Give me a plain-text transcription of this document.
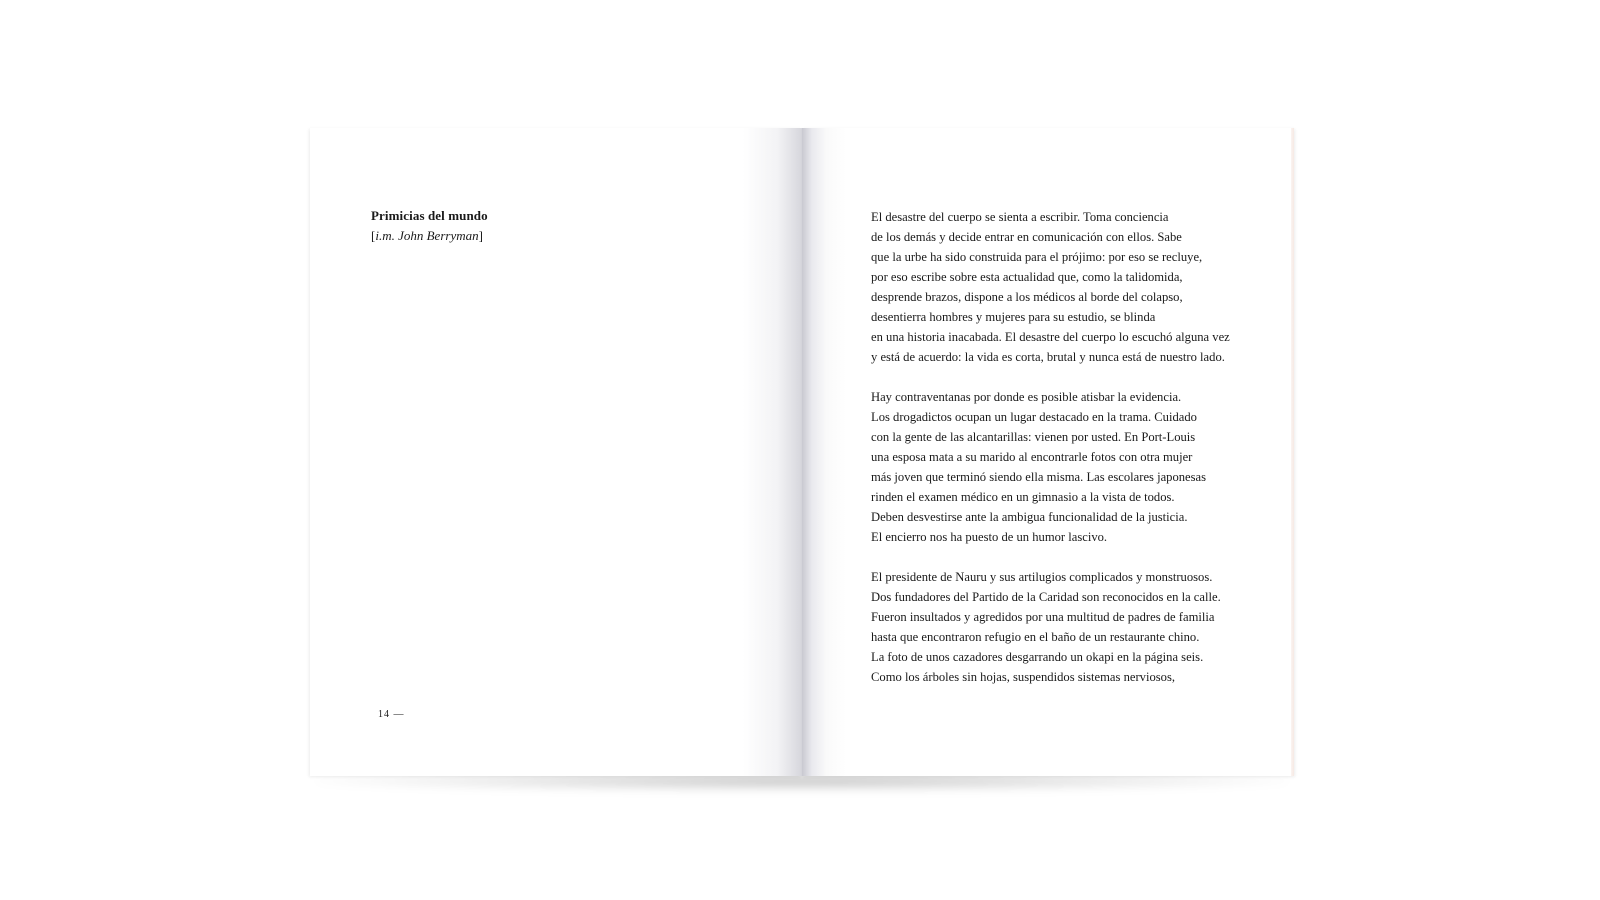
Primicias del mundo
[i.m. John Berryman]
14 —
El desastre del cuerpo se sienta a escribir. Toma conciencia
de los demás y decide entrar en comunicación con ellos. Sabe
que la urbe ha sido construida para el prójimo: por eso se recluye,
por eso escribe sobre esta actualidad que, como la talidomida,
desprende brazos, dispone a los médicos al borde del colapso,
desentierra hombres y mujeres para su estudio, se blinda
en una historia inacabada. El desastre del cuerpo lo escuchó alguna vez
y está de acuerdo: la vida es corta, brutal y nunca está de nuestro lado.
Hay contraventanas por donde es posible atisbar la evidencia.
Los drogadictos ocupan un lugar destacado en la trama. Cuidado
con la gente de las alcantarillas: vienen por usted. En Port-Louis
una esposa mata a su marido al encontrarle fotos con otra mujer
más joven que terminó siendo ella misma. Las escolares japonesas
rinden el examen médico en un gimnasio a la vista de todos.
Deben desvestirse ante la ambigua funcionalidad de la justicia.
El encierro nos ha puesto de un humor lascivo.
El presidente de Nauru y sus artilugios complicados y monstruosos.
Dos fundadores del Partido de la Caridad son reconocidos en la calle.
Fueron insultados y agredidos por una multitud de padres de familia
hasta que encontraron refugio en el baño de un restaurante chino.
La foto de unos cazadores desgarrando un okapi en la página seis.
Como los árboles sin hojas, suspendidos sistemas nerviosos,
